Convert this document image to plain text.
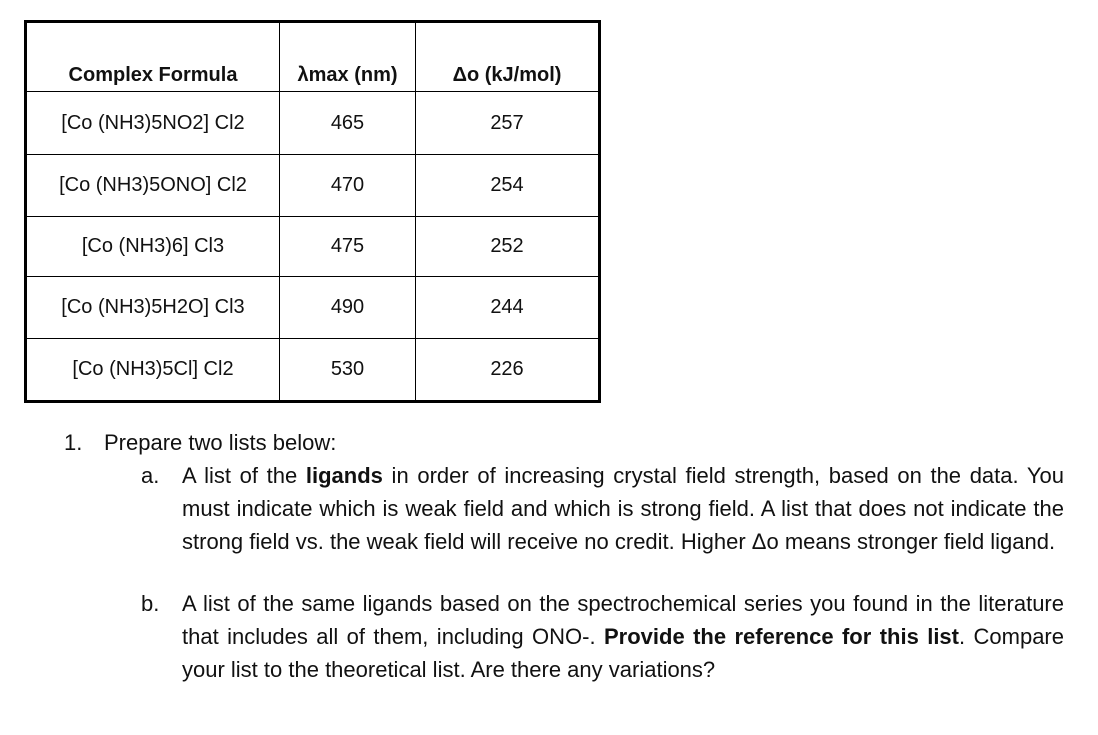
Complex Formula	λmax (nm)	Δo (kJ/mol)
[Co (NH3)5NO2] Cl2	465	257
[Co (NH3)5ONO] Cl2	470	254
[Co (NH3)6] Cl3	475	252
[Co (NH3)5H2O] Cl3	490	244
[Co (NH3)5Cl] Cl2	530	226
1. Prepare two lists below:
a.	A list of the ligands in order of increasing crystal field strength, based on the data. You must indicate which is weak field and which is strong field. A list that does not indicate the strong field vs. the weak field will receive no credit. Higher Δo means stronger field ligand.
b.	A list of the same ligands based on the spectrochemical series you found in the literature that includes all of them, including ONO-. Provide the reference for this list. Compare your list to the theoretical list. Are there any variations?
